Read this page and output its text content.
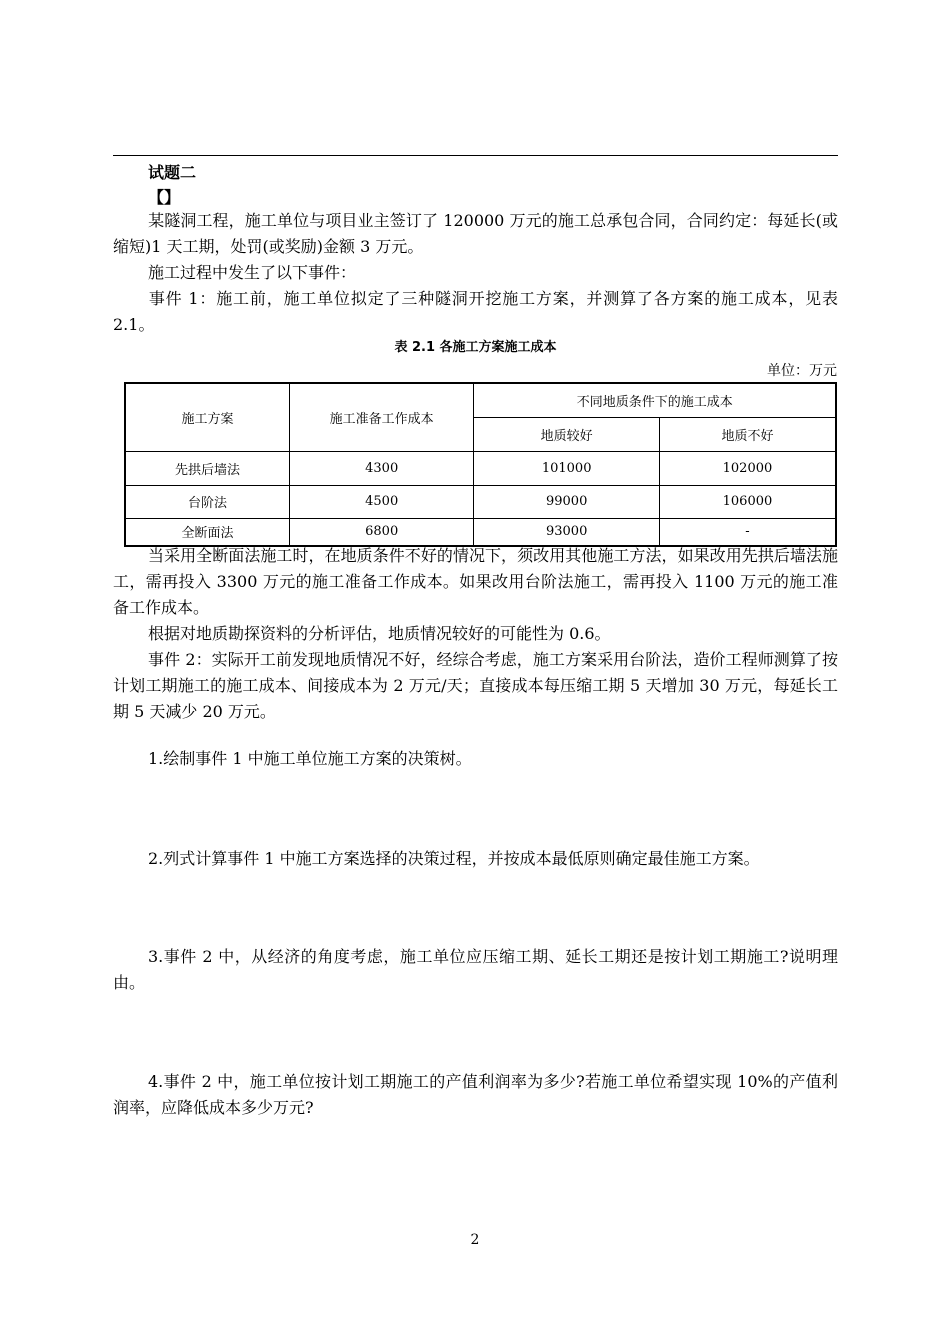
试题二
【】
某隧洞工程，施工单位与项目业主签订了 120000 万元的施工总承包合同，合同约定：每延长(或缩短)1 天工期，处罚(或奖励)金额 3 万元。
施工过程中发生了以下事件：
事件 1：施工前，施工单位拟定了三种隧洞开挖施工方案，并测算了各方案的施工成本，见表 2.1。
表 2.1 各施工方案施工成本
单位：万元
施工方案	施工准备工作成本	不同地质条件下的施工成本	
		地质较好	地质不好
先拱后墙法	4300	101000	102000
台阶法	4500	99000	106000
全断面法	6800	93000	-
当采用全断面法施工时，在地质条件不好的情况下，须改用其他施工方法，如果改用先拱后墙法施工，需再投入 3300 万元的施工准备工作成本。如果改用台阶法施工，需再投入 1100 万元的施工准备工作成本。
根据对地质勘探资料的分析评估，地质情况较好的可能性为 0.6。
事件 2：实际开工前发现地质情况不好，经综合考虑，施工方案采用台阶法，造价工程师测算了按计划工期施工的施工成本、间接成本为 2 万元/天；直接成本每压缩工期 5 天增加 30 万元，每延长工期 5 天减少 20 万元。
1.绘制事件 1 中施工单位施工方案的决策树。
2.列式计算事件 1 中施工方案选择的决策过程，并按成本最低原则确定最佳施工方案。
3.事件 2 中，从经济的角度考虑，施工单位应压缩工期、延长工期还是按计划工期施工?说明理由。
4.事件 2 中，施工单位按计划工期施工的产值利润率为多少?若施工单位希望实现 10%的产值利润率，应降低成本多少万元?
2
